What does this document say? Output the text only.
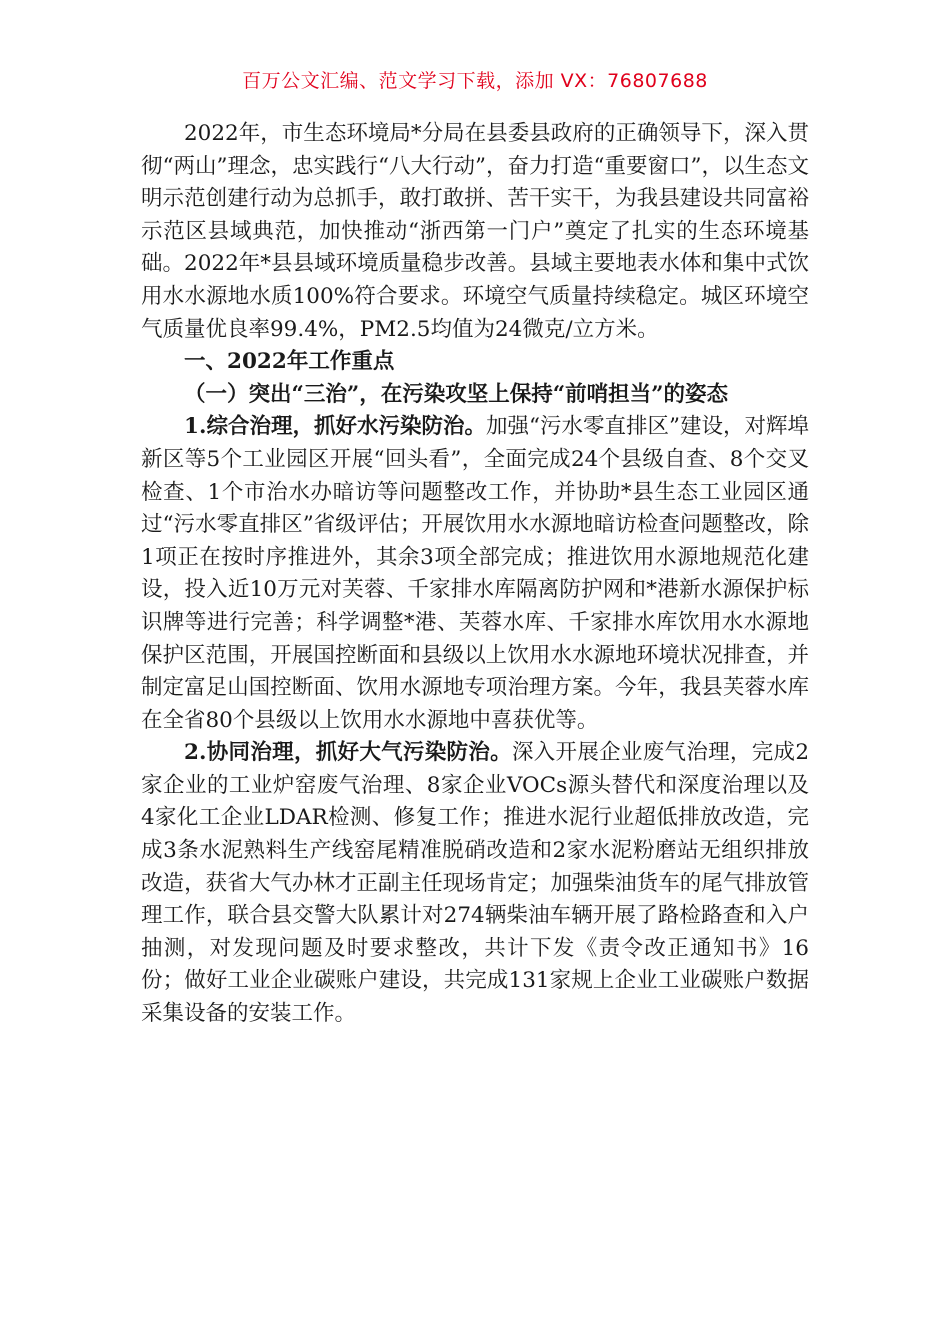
百万公文汇编、范文学习下载，添加 VX：76807688

2022年，市生态环境局*分局在县委县政府的正确领导下，深入贯彻“两山”理念，忠实践行“八大行动”，奋力打造“重要窗口”，以生态文明示范创建行动为总抓手，敢打敢拼、苦干实干，为我县建设共同富裕示范区县域典范，加快推动“浙西第一门户”奠定了扎实的生态环境基础。2022年*县县域环境质量稳步改善。县域主要地表水体和集中式饮用水水源地水质100%符合要求。环境空气质量持续稳定。城区环境空气质量优良率99.4%，PM2.5均值为24微克/立方米。

一、2022年工作重点

（一）突出“三治”，在污染攻坚上保持“前哨担当”的姿态

1.综合治理，抓好水污染防治。加强“污水零直排区”建设，对辉埠新区等5个工业园区开展“回头看”，全面完成24个县级自查、8个交叉检查、1个市治水办暗访等问题整改工作，并协助*县生态工业园区通过“污水零直排区”省级评估；开展饮用水水源地暗访检查问题整改，除1项正在按时序推进外，其余3项全部完成；推进饮用水源地规范化建设，投入近10万元对芙蓉、千家排水库隔离防护网和*港新水源保护标识牌等进行完善；科学调整*港、芙蓉水库、千家排水库饮用水水源地保护区范围，开展国控断面和县级以上饮用水水源地环境状况排查，并制定富足山国控断面、饮用水源地专项治理方案。今年，我县芙蓉水库在全省80个县级以上饮用水水源地中喜获优等。

2.协同治理，抓好大气污染防治。深入开展企业废气治理，完成2家企业的工业炉窑废气治理、8家企业VOCs源头替代和深度治理以及4家化工企业LDAR检测、修复工作；推进水泥行业超低排放改造，完成3条水泥熟料生产线窑尾精准脱硝改造和2家水泥粉磨站无组织排放改造，获省大气办林才正副主任现场肯定；加强柴油货车的尾气排放管理工作，联合县交警大队累计对274辆柴油车辆开展了路检路查和入户抽测，对发现问题及时要求整改，共计下发《责令改正通知书》16份；做好工业企业碳账户建设，共完成131家规上企业工业碳账户数据采集设备的安装工作。
